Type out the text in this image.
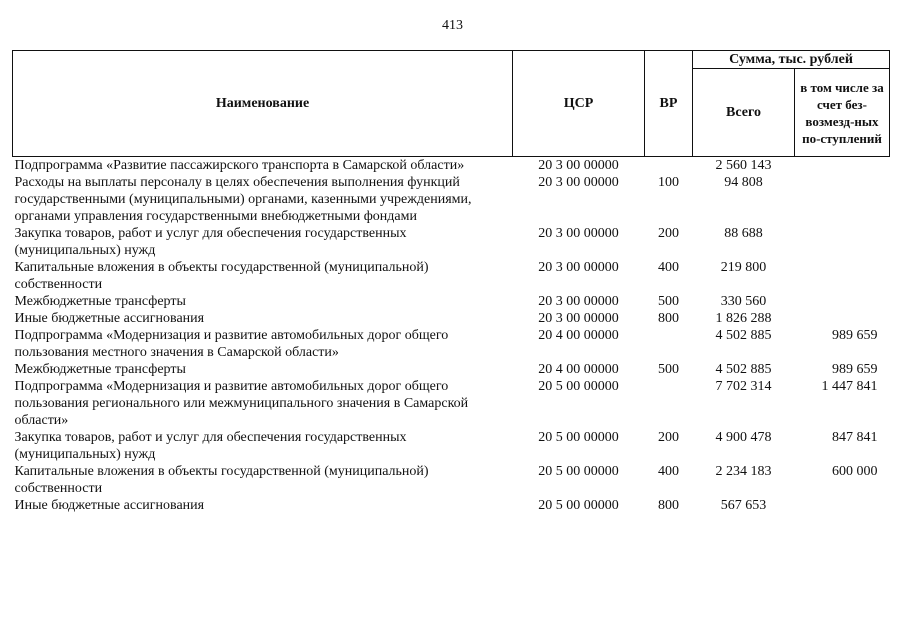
413
Наименование	ЦСР	ВР	Сумма, тыс. рублей	
			Всего	в том числе за счет без-возмезд-ных по-ступлений
Подпрограмма «Развитие пассажирского транспорта в Самарской области»	20 3 00 00000		2 560 143	
Расходы на выплаты персоналу в целях обеспечения выполнения функций государственными (муниципальными) органами, казенными учреждениями, органами управления государственными внебюджетными фондами	20 3 00 00000	100	94 808	
Закупка товаров, работ и услуг для обеспечения государственных (муниципальных) нужд	20 3 00 00000	200	88 688	
Капитальные вложения в объекты государственной (муниципальной) собственности	20 3 00 00000	400	219 800	
Межбюджетные трансферты	20 3 00 00000	500	330 560	
Иные бюджетные ассигнования	20 3 00 00000	800	1 826 288	
Подпрограмма «Модернизация и развитие автомобильных дорог общего пользования местного значения в Самарской области»	20 4 00 00000		4 502 885	989 659
Межбюджетные трансферты	20 4 00 00000	500	4 502 885	989 659
Подпрограмма «Модернизация и развитие автомобильных дорог общего пользования регионального или межмуниципального значения в Самарской области»	20 5 00 00000		7 702 314	1 447 841
Закупка товаров, работ и услуг для обеспечения государственных (муниципальных) нужд	20 5 00 00000	200	4 900 478	847 841
Капитальные вложения в объекты государственной (муниципальной) собственности	20 5 00 00000	400	2 234 183	600 000
Иные бюджетные ассигнования	20 5 00 00000	800	567 653	
